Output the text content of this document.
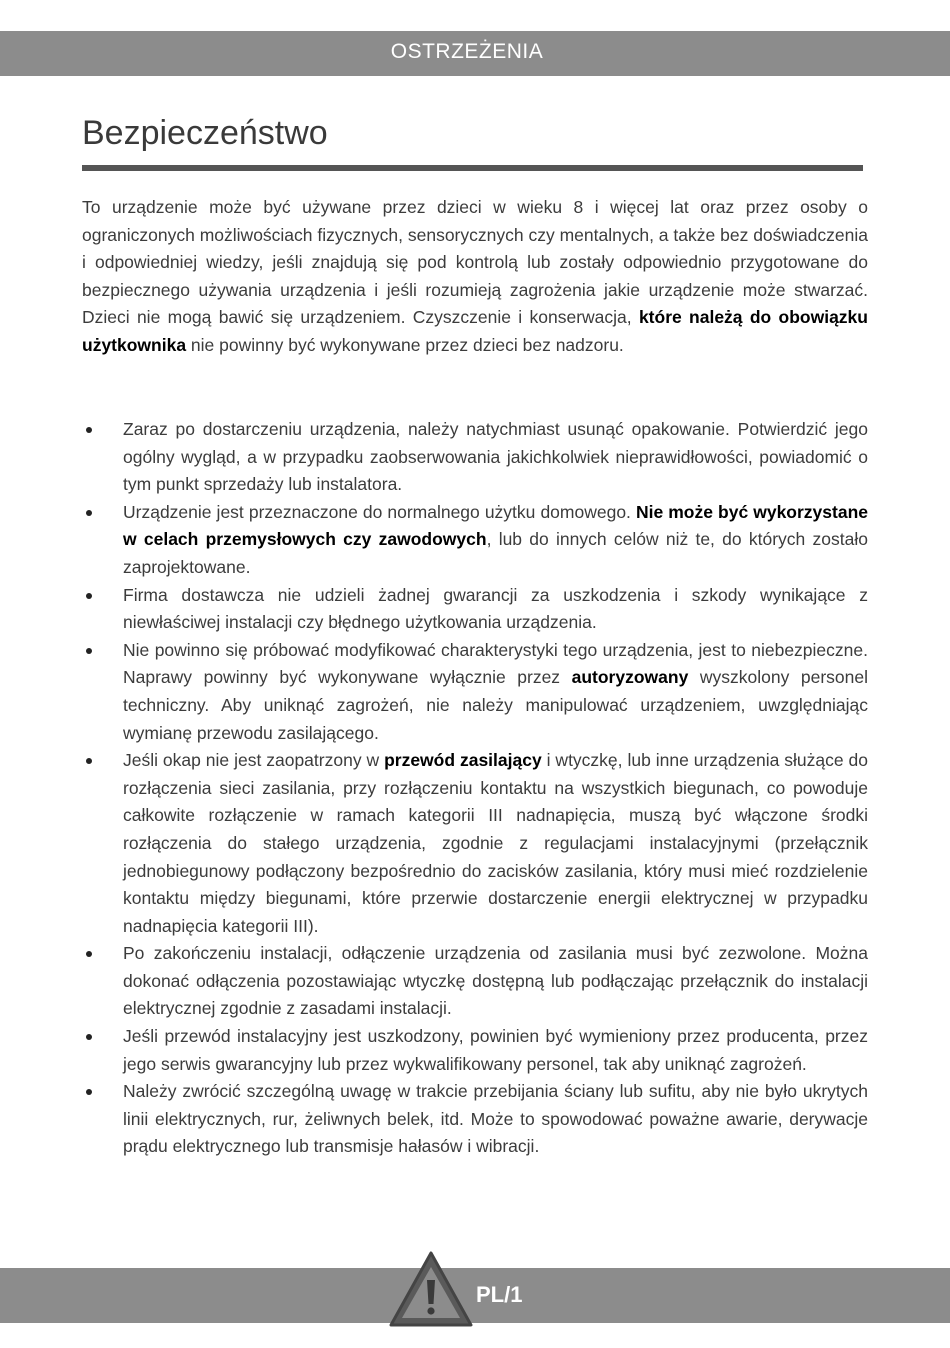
OSTRZEŻENIA
Bezpieczeństwo

To urządzenie może być używane przez dzieci w wieku 8 i więcej lat oraz przez osoby o ograniczonych możliwościach fizycznych, sensorycznych czy mentalnych, a także bez doświadczenia i odpowiedniej wiedzy, jeśli znajdują się pod kontrolą lub zostały odpowiednio przygotowane do bezpiecznego używania urządzenia i jeśli rozumieją zagrożenia jakie urządzenie może stwarzać. Dzieci nie mogą bawić się urządzeniem. Czyszczenie i konserwacja, które należą do obowiązku użytkownika nie powinny być wykonywane przez dzieci bez nadzoru.

Zaraz po dostarczeniu urządzenia, należy natychmiast usunąć opakowanie. Potwierdzić jego ogólny wygląd, a w przypadku zaobserwowania jakichkolwiek nieprawidłowości, powiadomić o tym punkt sprzedaży lub instalatora.
Urządzenie jest przeznaczone do normalnego użytku domowego. Nie może być wykorzystane w celach przemysłowych czy zawodowych, lub do innych celów niż te, do których zostało zaprojektowane.
Firma dostawcza nie udzieli żadnej gwarancji za uszkodzenia i szkody wynikające z niewłaściwej instalacji czy błędnego użytkowania urządzenia.
Nie powinno się próbować modyfikować charakterystyki tego urządzenia, jest to niebezpieczne. Naprawy powinny być wykonywane wyłącznie przez autoryzowany wyszkolony personel techniczny. Aby uniknąć zagrożeń, nie należy manipulować urządzeniem, uwzględniając wymianę przewodu zasilającego.
Jeśli okap nie jest zaopatrzony w przewód zasilający i wtyczkę, lub inne urządzenia służące do rozłączenia sieci zasilania, przy rozłączeniu kontaktu na wszystkich biegunach, co powoduje całkowite rozłączenie w ramach kategorii III nadnapięcia, muszą być włączone środki rozłączenia do stałego urządzenia, zgodnie z regulacjami instalacyjnymi (przełącznik jednobiegunowy podłączony bezpośrednio do zacisków zasilania, który musi mieć rozdzielenie kontaktu między biegunami, które przerwie dostarczenie energii elektrycznej w przypadku nadnapięcia kategorii III).
Po zakończeniu instalacji, odłączenie urządzenia od zasilania musi być zezwolone. Można dokonać odłączenia pozostawiając wtyczkę dostępną lub podłączając przełącznik do instalacji elektrycznej zgodnie z zasadami instalacji.
Jeśli przewód instalacyjny jest uszkodzony, powinien być wymieniony przez producenta, przez jego serwis gwarancyjny lub przez wykwalifikowany personel, tak aby uniknąć zagrożeń.
Należy zwrócić szczególną uwagę w trakcie przebijania ściany lub sufitu, aby nie było ukrytych linii elektrycznych, rur, żeliwnych belek, itd. Może to spowodować poważne awarie, derywacje prądu elektrycznego lub transmisje hałasów i wibracji.
PL/1
